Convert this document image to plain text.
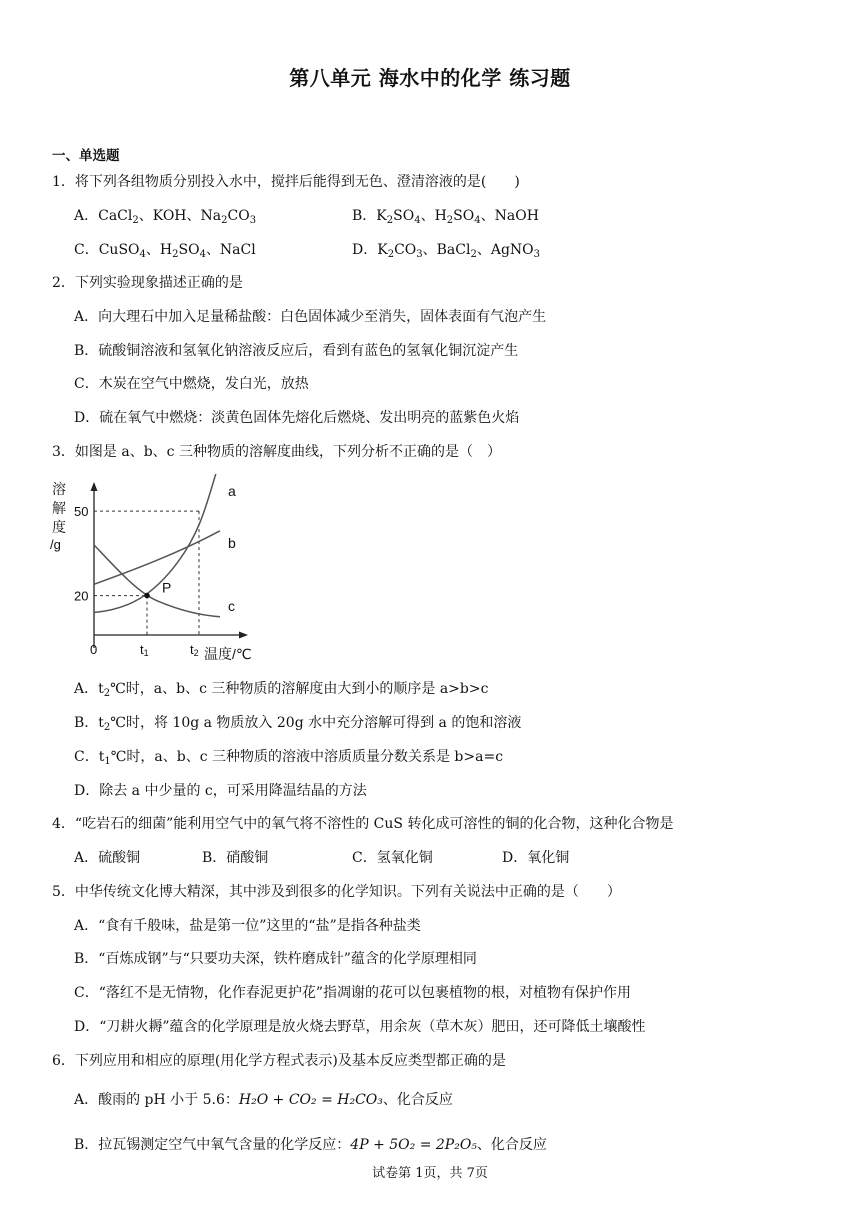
第八单元 海水中的化学 练习题
一、单选题
1．将下列各组物质分别投入水中，搅拌后能得到无色、澄清溶液的是(　　)
A．CaCl$_2$、KOH、$Na_2CO_3$	B．$K_2SO_4$、$H_2SO_4$、NaOH
C．CuSO$_4$、$H_2SO_4$、NaCl	D．$K_2CO_3$、BaCl$_2$、AgNO$_3$
2．下列实验现象描述正确的是
A．向大理石中加入足量稀盐酸：白色固体减少至消失，固体表面有气泡产生
B．硫酸铜溶液和氢氧化钠溶液反应后，看到有蓝色的氢氧化铜沉淀产生
C．木炭在空气中燃烧，发白光，放热
D．硫在氧气中燃烧：淡黄色固体先熔化后燃烧、发出明亮的蓝紫色火焰
3．如图是 a、b、c 三种物质的溶解度曲线，下列分析不正确的是（　）
溶
解
度
/g
20
50
0	t1	t2 温度/℃
a
b
c
P
A．$t_2℃$时，a、b、c 三种物质的溶解度由大到小的顺序是 a>b>c
B．$t_2℃$时，将 10g a 物质放入 20g 水中充分溶解可得到 a 的饱和溶液
C．$t_1℃$时，a、b、c 三种物质的溶液中溶质质量分数关系是 b>a=c
D．除去 a 中少量的 c，可采用降温结晶的方法
4．“吃岩石的细菌”能利用空气中的氧气将不溶性的 CuS 转化成可溶性的铜的化合物，这种化合物是
A．硫酸铜	B．硝酸铜	C．氢氧化铜	D．氧化铜
5．中华传统文化博大精深，其中涉及到很多的化学知识。下列有关说法中正确的是（　　）
A．“食有千般味，盐是第一位”这里的“盐”是指各种盐类
B．“百炼成钢”与“只要功夫深，铁杵磨成针”蕴含的化学原理相同
C．“落红不是无情物，化作春泥更护花”指凋谢的花可以包裹植物的根，对植物有保护作用
D．“刀耕火耨”蕴含的化学原理是放火烧去野草，用余灰（草木灰）肥田，还可降低土壤酸性
6．下列应用和相应的原理(用化学方程式表示)及基本反应类型都正确的是
A．酸雨的 pH 小于 5.6：H₂O + CO₂ = H₂CO₃、化合反应
B．拉瓦锡测定空气中氧气含量的化学反应：4P + 5O₂ = 2P₂O₅、化合反应
试卷第 1页，共 7页
